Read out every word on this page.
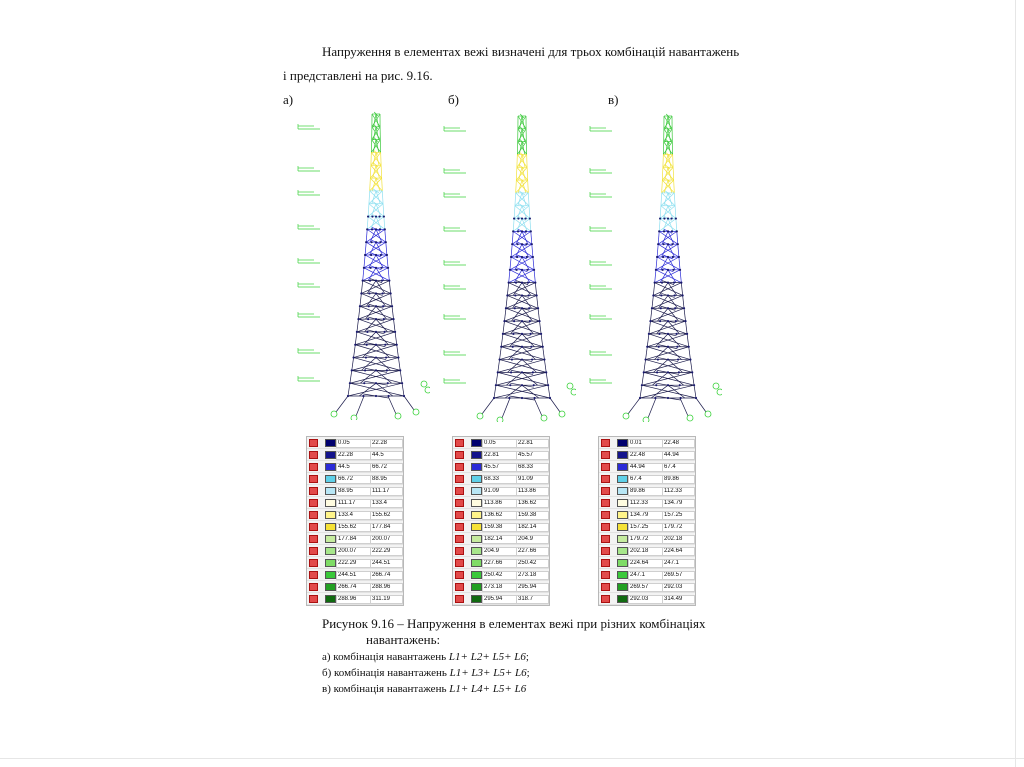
Напруження в елементах вежі визначені для трьох комбінацій навантажень
і представлені на рис. 9.16.
а)	б)	в)
0.05	22.28
22.28	44.5
44.5	66.72
66.72	88.95
88.95	111.17
111.17	133.4
133.4	155.62
155.62	177.84
177.84	200.07
200.07	222.29
222.29	244.51
244.51	266.74
266.74	288.96
288.96	311.19
0.05	22.81
22.81	45.57
45.57	68.33
68.33	91.09
91.09	113.86
113.86	136.62
136.62	159.38
159.38	182.14
182.14	204.9
204.9	227.66
227.66	250.42
250.42	273.18
273.18	295.94
295.94	318.7
0.01	22.48
22.48	44.94
44.94	67.4
67.4	89.86
89.86	112.33
112.33	134.79
134.79	157.25
157.25	179.72
179.72	202.18
202.18	224.64
224.64	247.1
247.1	269.57
269.57	292.03
292.03	314.49
Рисунок 9.16 – Напруження в елементах вежі при різних комбінаціях
навантажень:
а) комбінація навантажень L1+ L2+ L5+ L6;
б) комбінація навантажень L1+ L3+ L5+ L6;
в) комбінація навантажень L1+ L4+ L5+ L6
